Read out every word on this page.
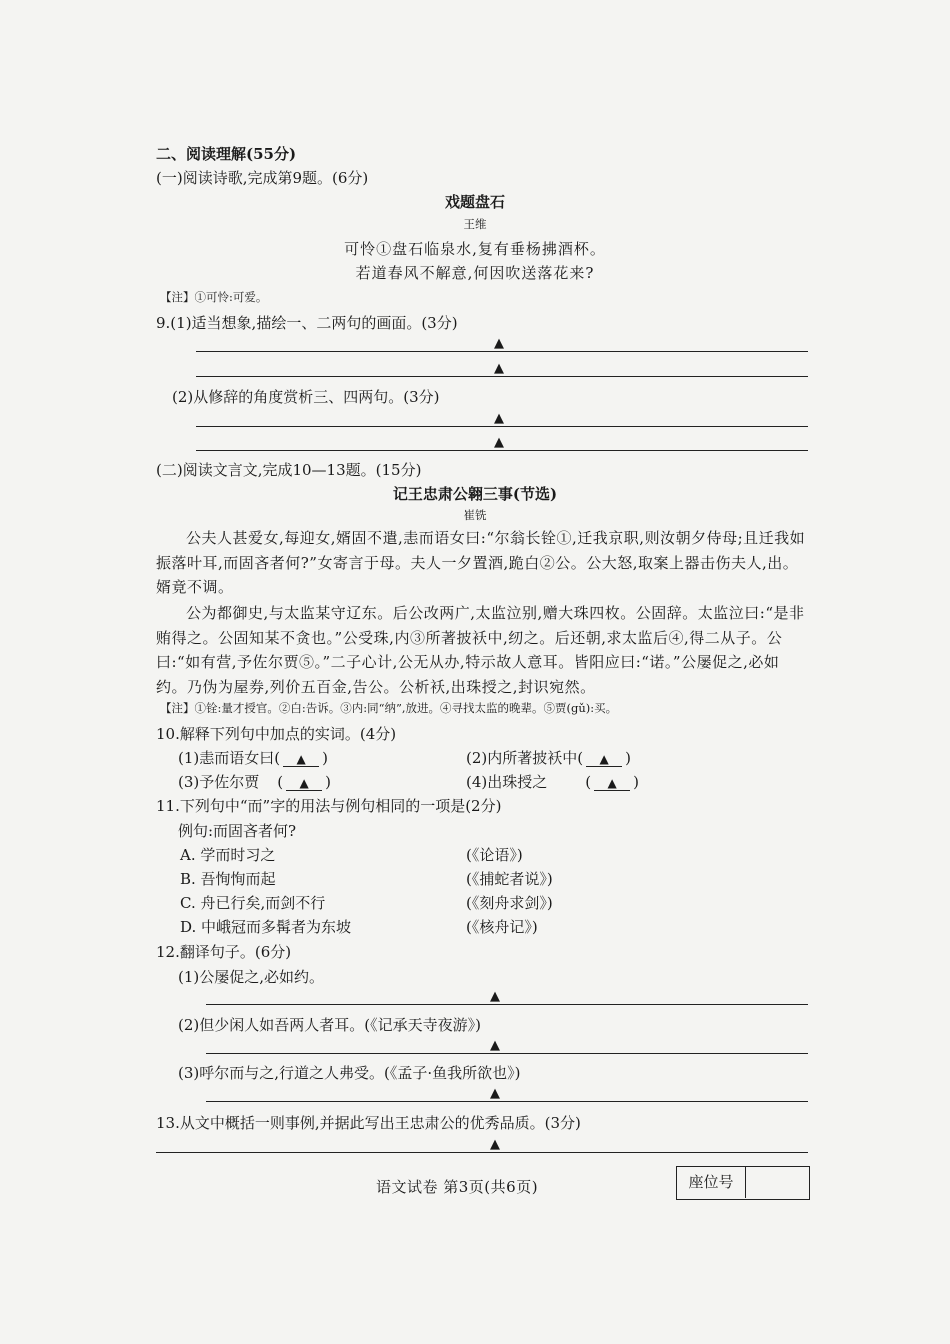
二、阅读理解(55分)
(一)阅读诗歌,完成第9题。(6分)
戏题盘石
王维
可怜①盘石临泉水,复有垂杨拂酒杯。
若道春风不解意,何因吹送落花来?
【注】①可怜:可爱。
9.(1)适当想象,描绘一、二两句的画面。(3分)
▲
▲
(2)从修辞的角度赏析三、四两句。(3分)
▲
▲
(二)阅读文言文,完成10—13题。(15分)
记王忠肃公翱三事(节选)
崔铣
公夫人甚爱女,每迎女,婿固不遣,恚而语女曰:“尔翁长铨①,迁我京职,则汝朝夕侍母;且迁我如振落叶耳,而固吝者何?”女寄言于母。夫人一夕置酒,跪白②公。公大怒,取案上器击伤夫人,出。婿竟不调。
公为都御史,与太监某守辽东。后公改两广,太监泣别,赠大珠四枚。公固辞。太监泣曰:“是非贿得之。公固知某不贪也。”公受珠,内③所著披袄中,纫之。后还朝,求太监后④,得二从子。公曰:“如有营,予佐尔贾⑤。”二子心计,公无从办,特示故人意耳。皆阳应曰:“诺。”公屡促之,必如约。乃伪为屋券,列价五百金,告公。公析袄,出珠授之,封识宛然。
【注】①铨:量才授官。②白:告诉。③内:同“纳”,放进。④寻找太监的晚辈。⑤贾(gǔ):买。
10.解释下列句中加点的实词。(4分)
(1)恚而语女曰( ▲ )	(2)内所著披袄中( ▲ )
(3)予佐尔贾 ( ▲ )	(4)出珠授之	( ▲ )
11.下列句中“而”字的用法与例句相同的一项是(2分)
例句:而固吝者何?
A. 学而时习之	(《论语》)
B. 吾恂恂而起	(《捕蛇者说》)
C. 舟已行矣,而剑不行	(《刻舟求剑》)
D. 中峨冠而多髯者为东坡	(《核舟记》)
12.翻译句子。(6分)
(1)公屡促之,必如约。
▲
(2)但少闲人如吾两人者耳。(《记承天寺夜游》)
▲
(3)呼尔而与之,行道之人弗受。(《孟子·鱼我所欲也》)
▲
13.从文中概括一则事例,并据此写出王忠肃公的优秀品质。(3分)
▲
语文试卷 第3页(共6页)	座位号
